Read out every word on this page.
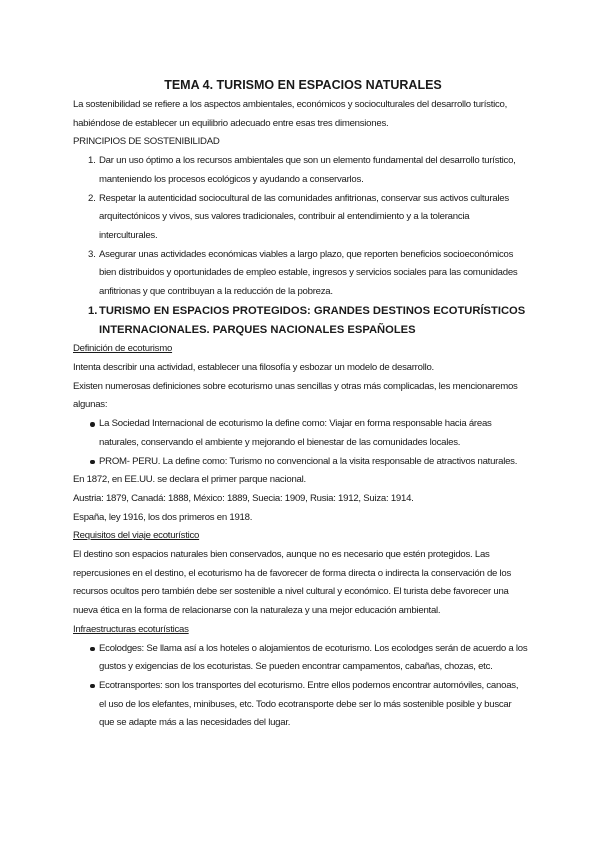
TEMA 4. TURISMO EN ESPACIOS NATURALES

La sostenibilidad se refiere a los aspectos ambientales, económicos y socioculturales del desarrollo turístico,

habiéndose de establecer un equilibrio adecuado entre esas tres dimensiones.

PRINCIPIOS DE SOSTENIBILIDAD

1. Dar un uso óptimo a los recursos ambientales que son un elemento fundamental del desarrollo turístico,
manteniendo los procesos ecológicos y ayudando a conservarlos.
2. Respetar la autenticidad sociocultural de las comunidades anfitrionas, conservar sus activos culturales
arquitectónicos y vivos, sus valores tradicionales, contribuir al entendimiento y a la tolerancia
interculturales.
3. Asegurar unas actividades económicas viables a largo plazo, que reporten beneficios socioeconómicos
bien distribuidos y oportunidades de empleo estable, ingresos y servicios sociales para las comunidades
anfitrionas y que contribuyan a la reducción de la pobreza.
1. TURISMO EN ESPACIOS PROTEGIDOS: GRANDES DESTINOS ECOTURÍSTICOS
INTERNACIONALES. PARQUES NACIONALES ESPAÑOLES

Definición de ecoturismo

Intenta describir una actividad, establecer una filosofía y esbozar un modelo de desarrollo.

Existen numerosas definiciones sobre ecoturismo unas sencillas y otras más complicadas, les mencionaremos

algunas:

La Sociedad Internacional de ecoturismo la define como: Viajar en forma responsable hacia áreas
naturales, conservando el ambiente y mejorando el bienestar de las comunidades locales.
PROM- PERU. La define como: Turismo no convencional a la visita responsable de atractivos naturales.

En 1872, en EE.UU. se declara el primer parque nacional.

Austria: 1879, Canadá: 1888, México: 1889, Suecia: 1909, Rusia: 1912, Suiza: 1914.

España, ley 1916, los dos primeros en 1918.

Requisitos del viaje ecoturístico

El destino son espacios naturales bien conservados, aunque no es necesario que estén protegidos. Las

repercusiones en el destino, el ecoturismo ha de favorecer de forma directa o indirecta la conservación de los

recursos ocultos pero también debe ser sostenible a nivel cultural y económico. El turista debe favorecer una

nueva ética en la forma de relacionarse con la naturaleza y una mejor educación ambiental.

Infraestructuras ecoturísticas

Ecolodges: Se llama así a los hoteles o alojamientos de ecoturismo. Los ecolodges serán de acuerdo a los
gustos y exigencias de los ecoturistas. Se pueden encontrar campamentos, cabañas, chozas, etc.
Ecotransportes: son los transportes del ecoturismo. Entre ellos podemos encontrar automóviles, canoas,
el uso de los elefantes, minibuses, etc. Todo ecotransporte debe ser lo más sostenible posible y buscar
que se adapte más a las necesidades del lugar.
